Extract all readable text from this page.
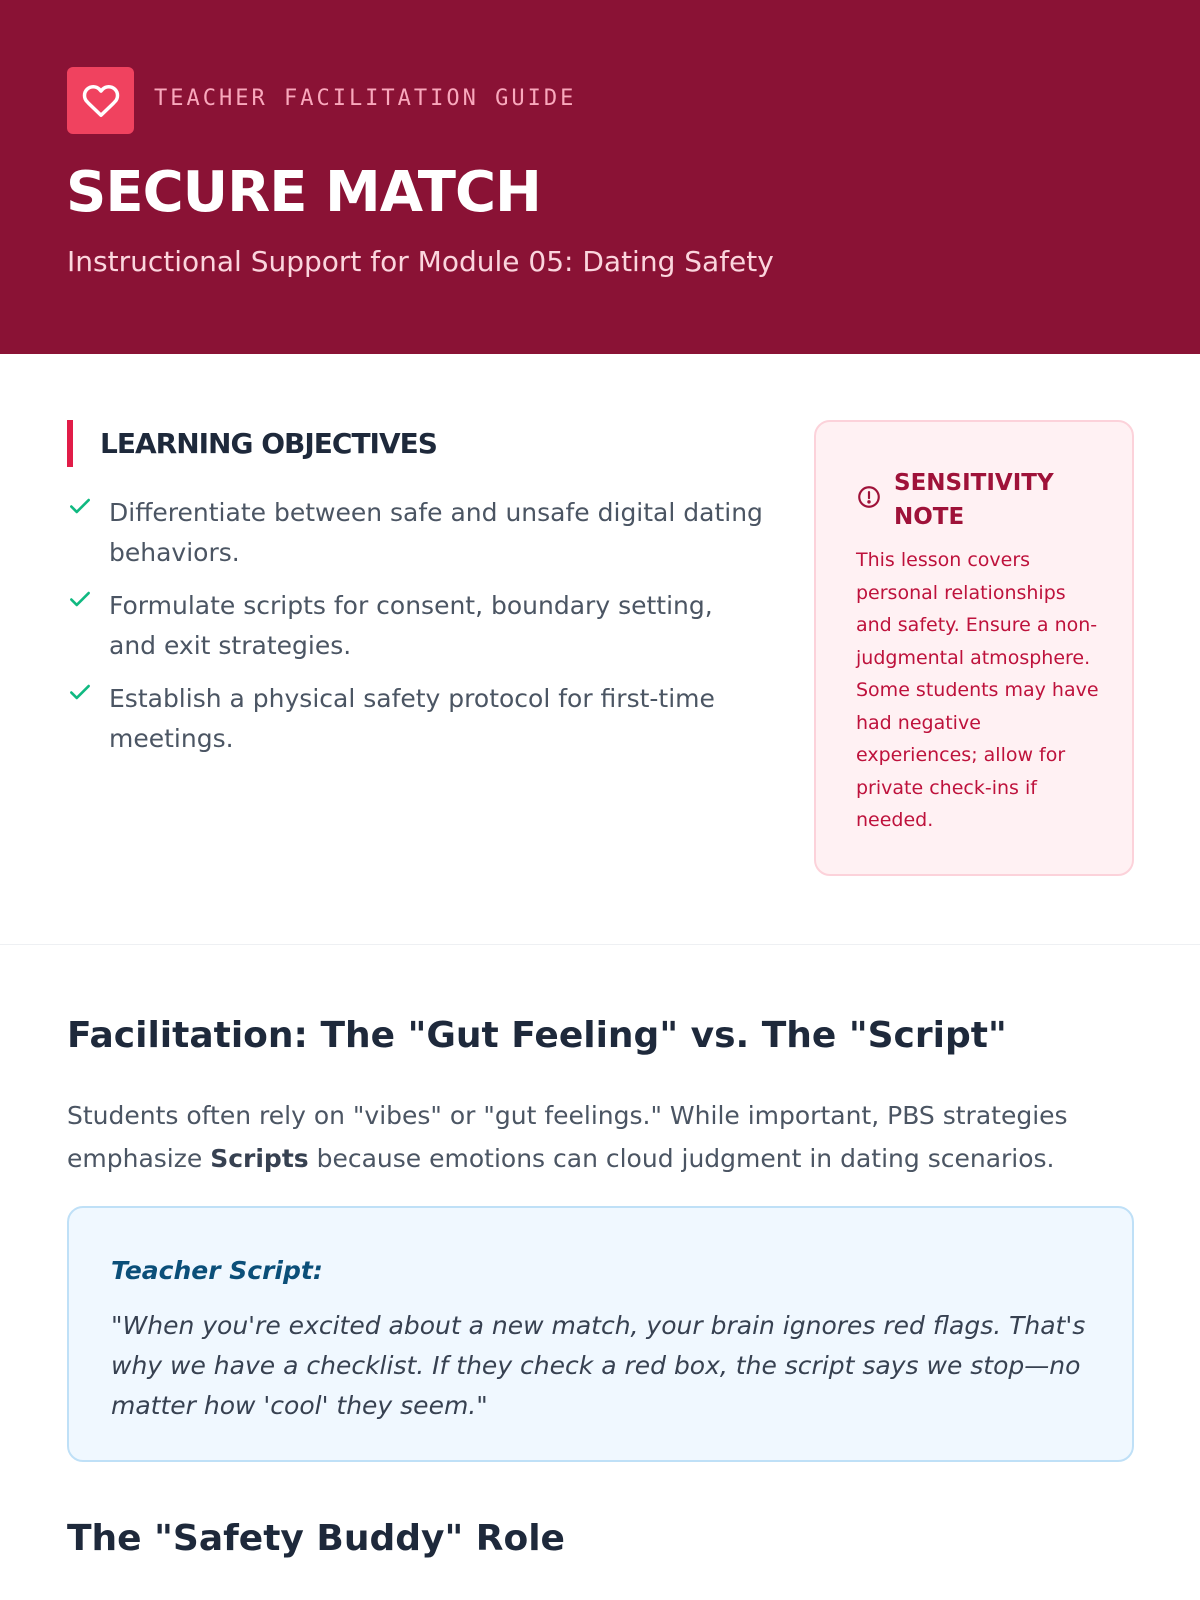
TEACHER FACILITATION GUIDE
SECURE MATCH
Instructional Support for Module 05: Dating Safety
LEARNING OBJECTIVES
Differentiate between safe and unsafe digital dating behaviors.
Formulate scripts for consent, boundary setting, and exit strategies.
Establish a physical safety protocol for first-time meetings.
SENSITIVITY NOTE
This lesson covers personal relationships and safety. Ensure a non-judgmental atmosphere. Some students may have had negative experiences; allow for private check-ins if needed.
Facilitation: The "Gut Feeling" vs. The "Script"

Students often rely on "vibes" or "gut feelings." While important, PBS strategies emphasize Scripts because emotions can cloud judgment in dating scenarios.

Teacher Script:
"When you're excited about a new match, your brain ignores red flags. That's why we have a checklist. If they check a red box, the script says we stop—no matter how 'cool' they seem."
The "Safety Buddy" Role
